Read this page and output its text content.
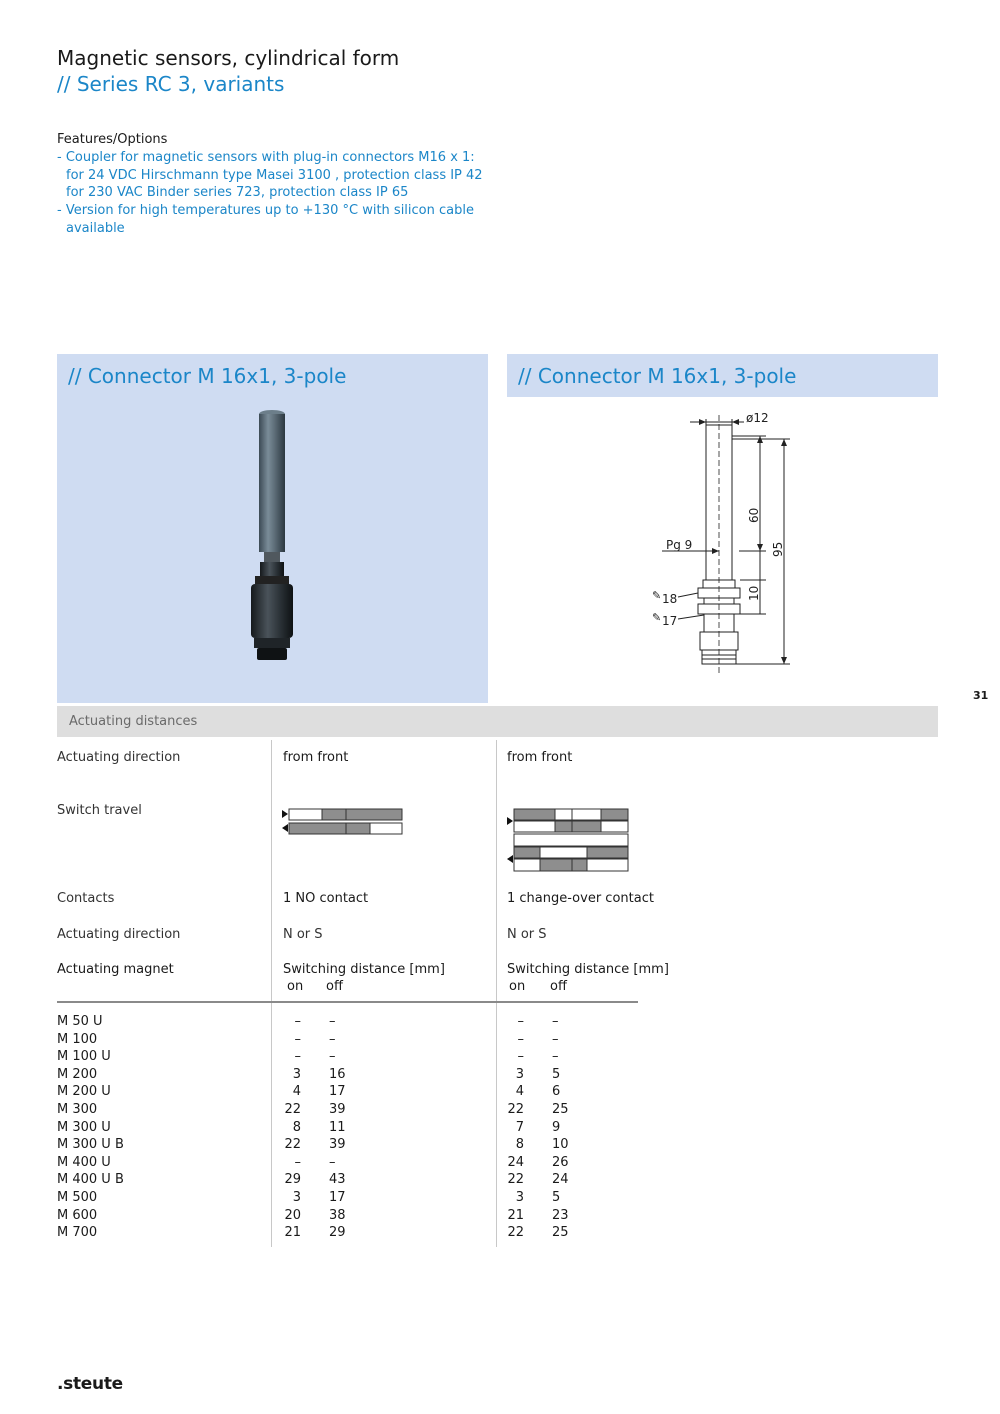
Magnetic sensors, cylindrical form
// Series RC 3, variants
Features/Options
- Coupler for magnetic sensors with plug-in connectors M16 x 1:
for 24 VDC Hirschmann type Masei 3100 , protection class IP 42
for 230 VAC Binder series 723, protection class IP 65
- Version for high temperatures up to +130 °C with silicon cable
available
// Connector M 16x1, 3-pole	// Connector M 16x1, 3-pole
ø12
Pg 9
60
95
10
✎ 18
✎ 17
31
Actuating distances
Actuating direction	from front	from front
Switch travel
Contacts	1 NO contact	1 change-over contact
Actuating direction	N or S	N or S
Actuating magnet	Switching distance [mm]	Switching distance [mm]
on off	on off
M 50 U	– –	– –
M 100	– –	– –
M 100 U	– –	– –
M 200	3 16	3 5
M 200 U	4 17	4 6
M 300	22 39	22 25
M 300 U	8 11	7 9
M 300 U B	22 39	8 10
M 400 U	– –	24 26
M 400 U B	29 43	22 24
M 500	3 17	3 5
M 600	20 38	21 23
M 700	21 29	22 25
.steute
